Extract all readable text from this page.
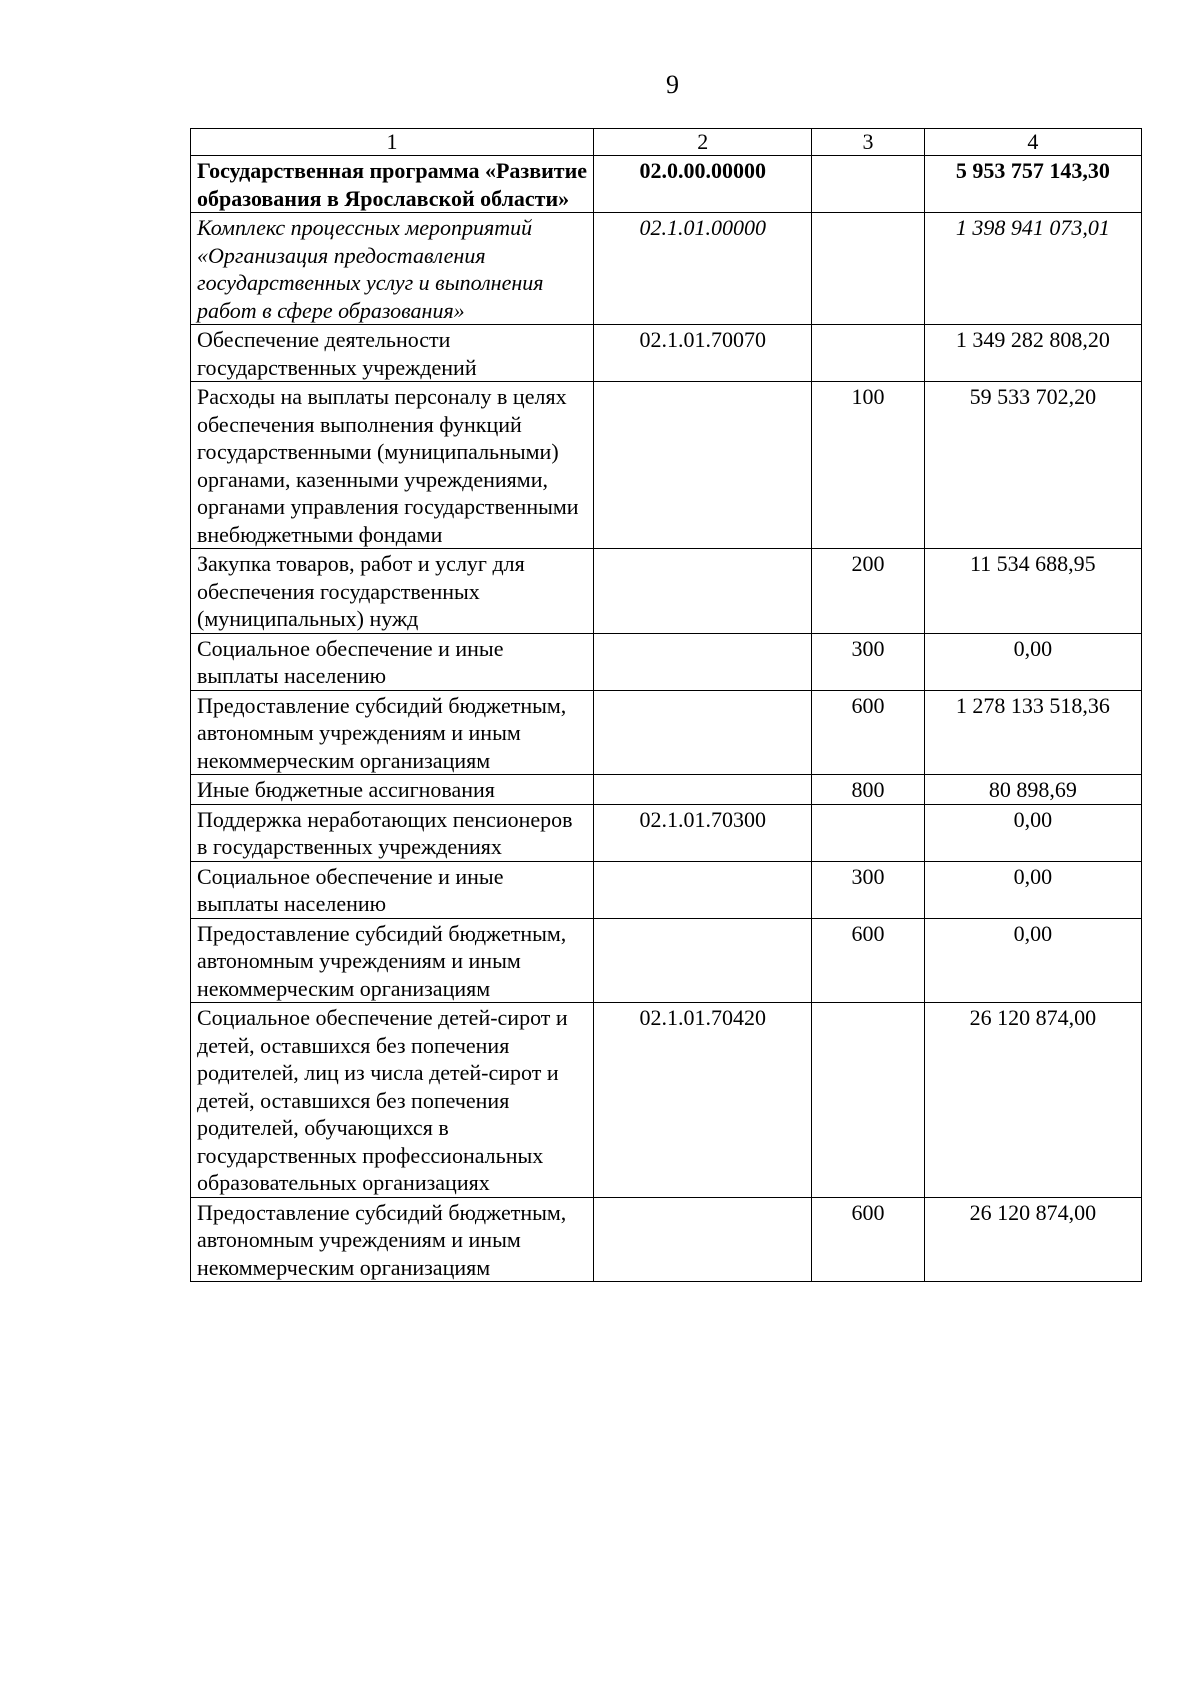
9
1	2	3	4
Государственная программа «Развитие образования в Ярославской области»	02.0.00.00000		5 953 757 143,30
Комплекс процессных мероприятий «Организация предоставления государственных услуг и выполнения работ в сфере образования»	02.1.01.00000		1 398 941 073,01
Обеспечение деятельности государственных учреждений	02.1.01.70070		1 349 282 808,20
Расходы на выплаты персоналу в целях обеспечения выполнения функций государственными (муниципальными) органами, казенными учреждениями, органами управления государственными внебюджетными фондами		100	59 533 702,20
Закупка товаров, работ и услуг для обеспечения государственных (муниципальных) нужд		200	11 534 688,95
Социальное обеспечение и иные выплаты населению		300	0,00
Предоставление субсидий бюджетным, автономным учреждениям и иным некоммерческим организациям		600	1 278 133 518,36
Иные бюджетные ассигнования		800	80 898,69
Поддержка неработающих пенсионеров в государственных учреждениях	02.1.01.70300		0,00
Социальное обеспечение и иные выплаты населению		300	0,00
Предоставление субсидий бюджетным, автономным учреждениям и иным некоммерческим организациям		600	0,00
Социальное обеспечение детей-сирот и детей, оставшихся без попечения родителей, лиц из числа детей-сирот и детей, оставшихся без попечения родителей, обучающихся в государственных профессиональных образовательных организациях	02.1.01.70420		26 120 874,00
Предоставление субсидий бюджетным, автономным учреждениям и иным некоммерческим организациям		600	26 120 874,00
